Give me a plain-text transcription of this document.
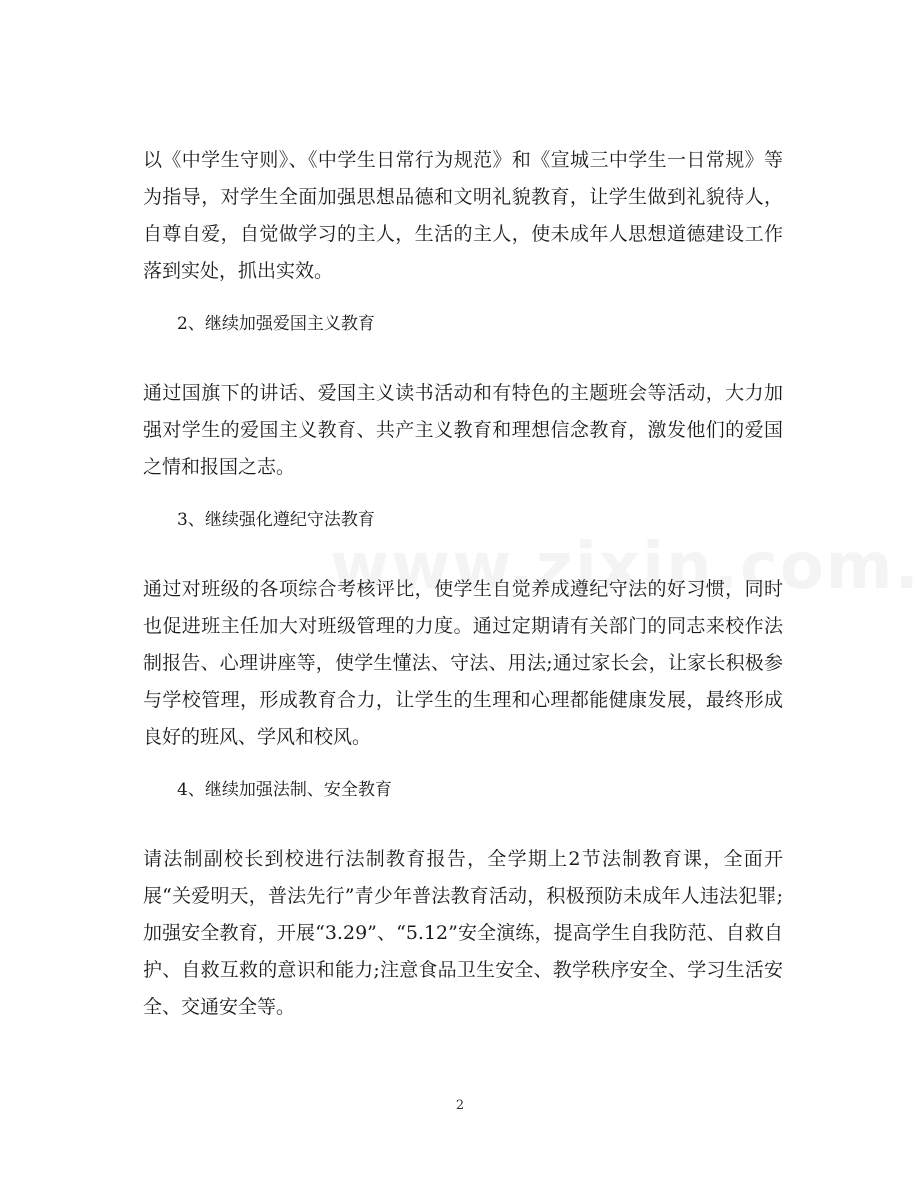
以《中学生守则》、《中学生日常行为规范》和《宣城三中学生一日常规》等为指导，对学生全面加强思想品德和文明礼貌教育，让学生做到礼貌待人，自尊自爱，自觉做学习的主人，生活的主人，使未成年人思想道德建设工作落到实处，抓出实效。

2、继续加强爱国主义教育

通过国旗下的讲话、爱国主义读书活动和有特色的主题班会等活动，大力加强对学生的爱国主义教育、共产主义教育和理想信念教育，激发他们的爱国之情和报国之志。

3、继续强化遵纪守法教育

通过对班级的各项综合考核评比，使学生自觉养成遵纪守法的好习惯，同时也促进班主任加大对班级管理的力度。通过定期请有关部门的同志来校作法制报告、心理讲座等，使学生懂法、守法、用法;通过家长会，让家长积极参与学校管理，形成教育合力，让学生的生理和心理都能健康发展，最终形成良好的班风、学风和校风。

4、继续加强法制、安全教育

请法制副校长到校进行法制教育报告，全学期上2节法制教育课，全面开展“关爱明天，普法先行”青少年普法教育活动，积极预防未成年人违法犯罪;加强安全教育，开展“3.29”、“5.12”安全演练，提高学生自我防范、自救自护、自救互救的意识和能力;注意食品卫生安全、教学秩序安全、学习生活安全、交通安全等。

2
